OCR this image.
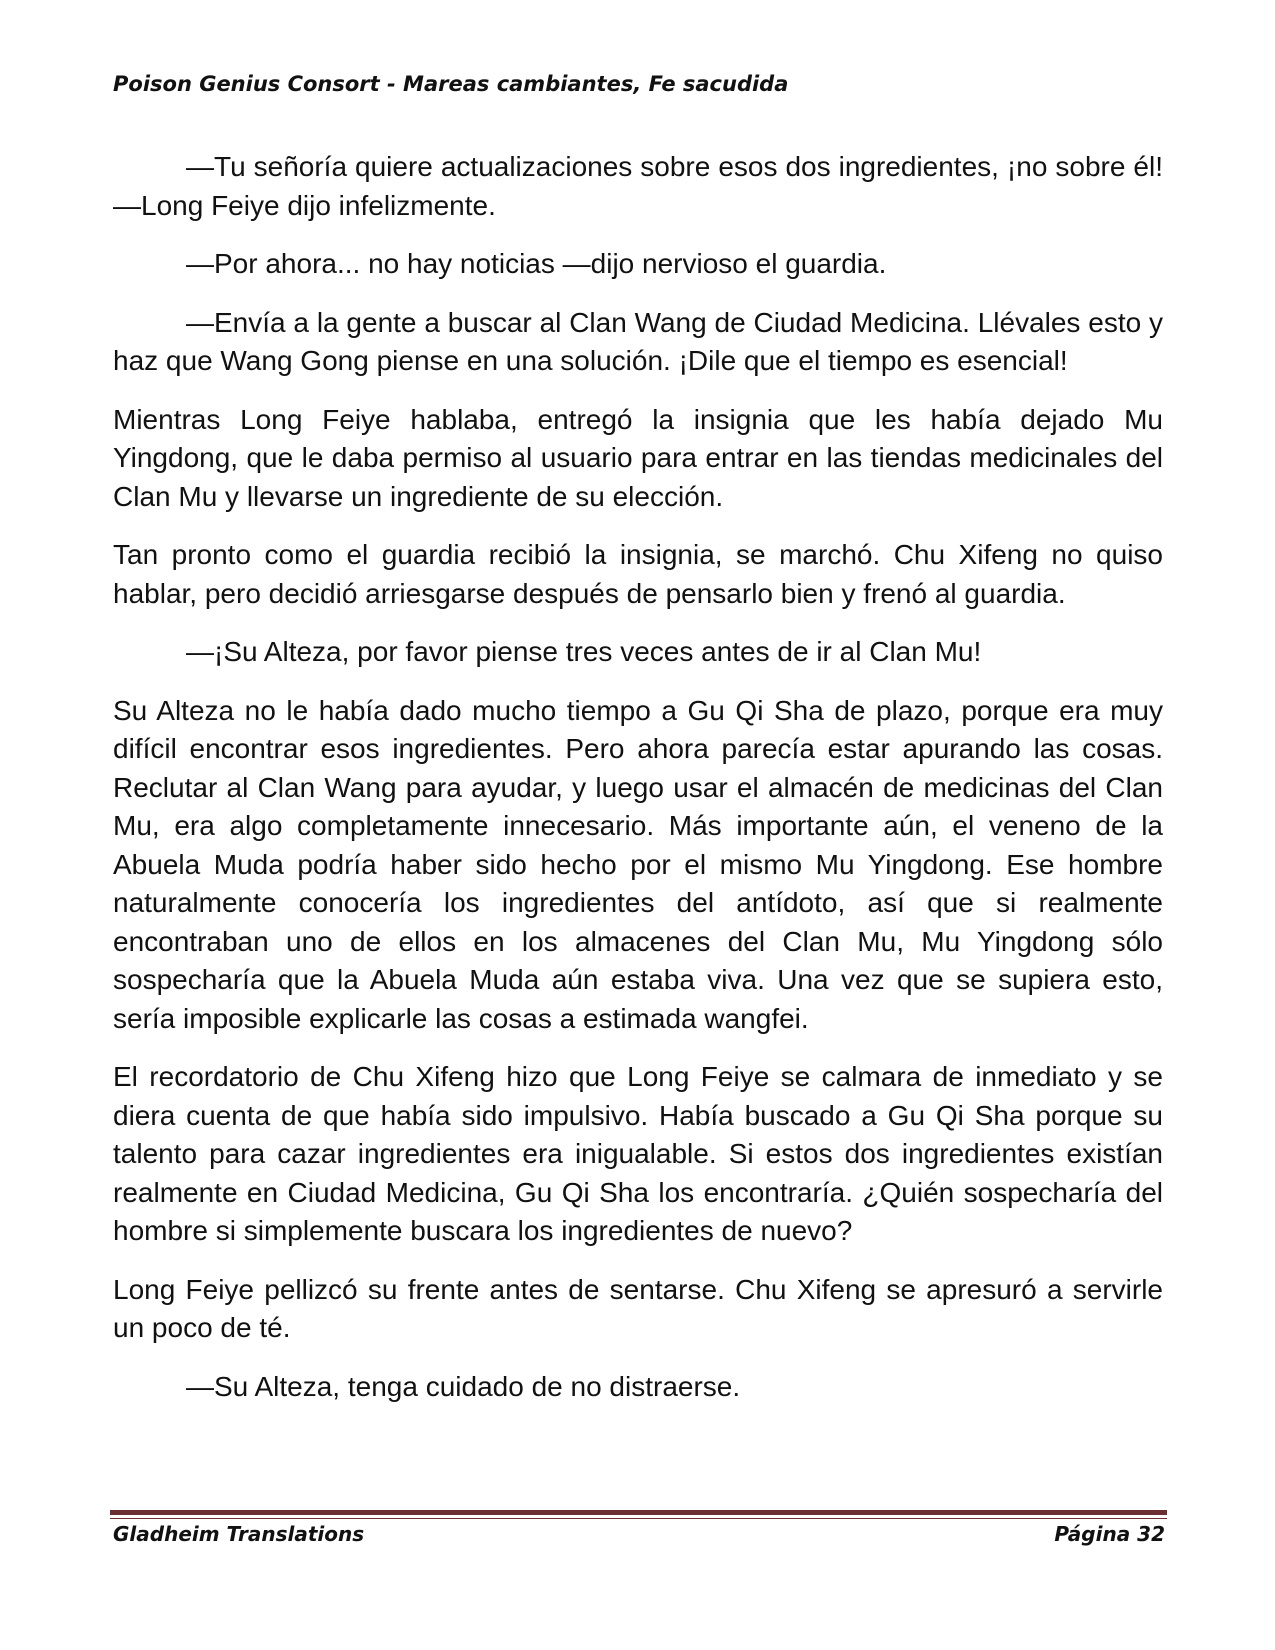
Poison Genius Consort - Mareas cambiantes, Fe sacudida

—Tu señoría quiere actualizaciones sobre esos dos ingredientes, ¡no sobre él! —Long Feiye dijo infelizmente.

—Por ahora... no hay noticias —dijo nervioso el guardia.

—Envía a la gente a buscar al Clan Wang de Ciudad Medicina. Llévales esto y haz que Wang Gong piense en una solución. ¡Dile que el tiempo es esencial!

Mientras Long Feiye hablaba, entregó la insignia que les había dejado Mu Yingdong, que le daba permiso al usuario para entrar en las tiendas medicinales del Clan Mu y llevarse un ingrediente de su elección.

Tan pronto como el guardia recibió la insignia, se marchó. Chu Xifeng no quiso hablar, pero decidió arriesgarse después de pensarlo bien y frenó al guardia.

—¡Su Alteza, por favor piense tres veces antes de ir al Clan Mu!

Su Alteza no le había dado mucho tiempo a Gu Qi Sha de plazo, porque era muy difícil encontrar esos ingredientes. Pero ahora parecía estar apurando las cosas. Reclutar al Clan Wang para ayudar, y luego usar el almacén de medicinas del Clan Mu, era algo completamente innecesario. Más importante aún, el veneno de la Abuela Muda podría haber sido hecho por el mismo Mu Yingdong. Ese hombre naturalmente conocería los ingredientes del antídoto, así que si realmente encontraban uno de ellos en los almacenes del Clan Mu, Mu Yingdong sólo sospecharía que la Abuela Muda aún estaba viva. Una vez que se supiera esto, sería imposible explicarle las cosas a estimada wangfei.

El recordatorio de Chu Xifeng hizo que Long Feiye se calmara de inmediato y se diera cuenta de que había sido impulsivo. Había buscado a Gu Qi Sha porque su talento para cazar ingredientes era inigualable. Si estos dos ingredientes existían realmente en Ciudad Medicina, Gu Qi Sha los encontraría. ¿Quién sospecharía del hombre si simplemente buscara los ingredientes de nuevo?

Long Feiye pellizcó su frente antes de sentarse. Chu Xifeng se apresuró a servirle un poco de té.

—Su Alteza, tenga cuidado de no distraerse.

Gladheim Translations	Página 32
